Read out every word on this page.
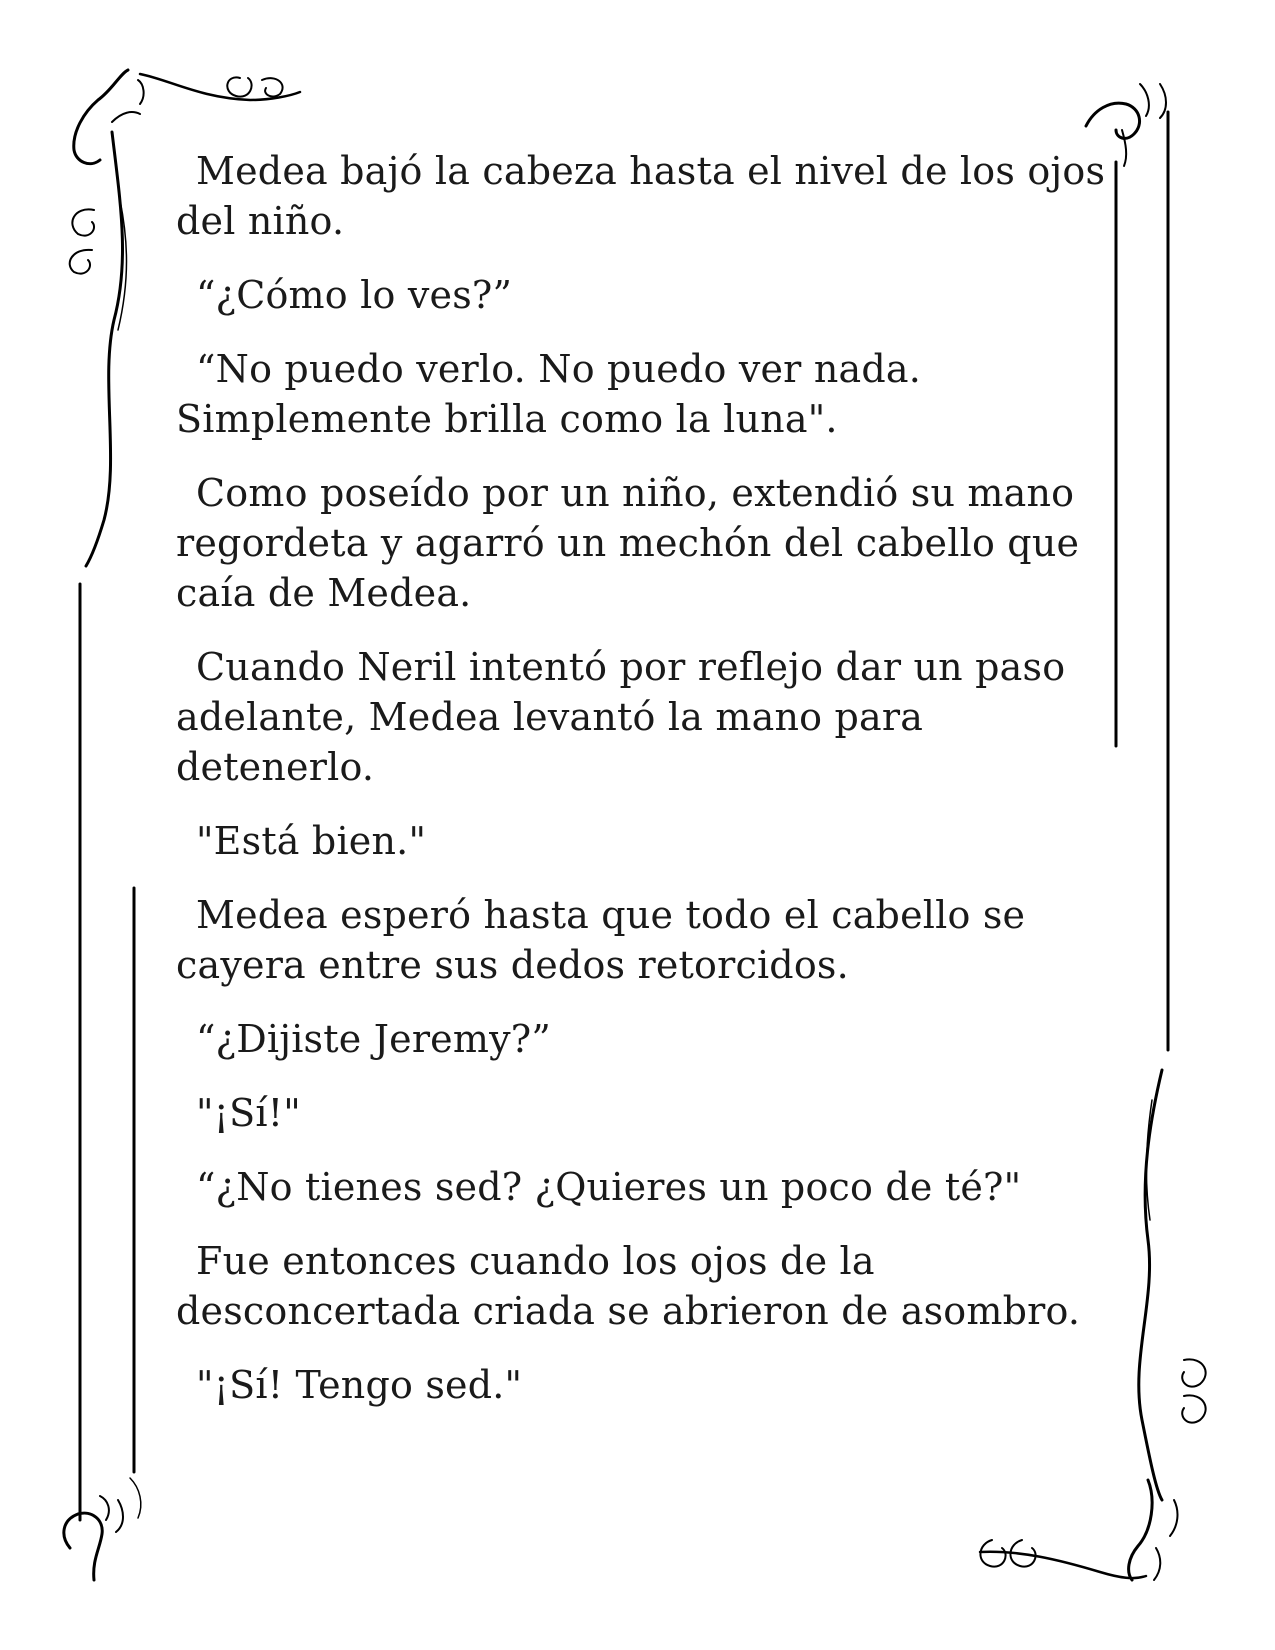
Medea bajó la cabeza hasta el nivel de los ojos
del niño.

“¿Cómo lo ves?”

“No puedo verlo. No puedo ver nada.
Simplemente brilla como la luna".

Como poseído por un niño, extendió su mano
regordeta y agarró un mechón del cabello que
caía de Medea.

Cuando Neril intentó por reflejo dar un paso
adelante, Medea levantó la mano para
detenerlo.

"Está bien."

Medea esperó hasta que todo el cabello se
cayera entre sus dedos retorcidos.

“¿Dijiste Jeremy?”

"¡Sí!"

“¿No tienes sed? ¿Quieres un poco de té?"

Fue entonces cuando los ojos de la
desconcertada criada se abrieron de asombro.

"¡Sí! Tengo sed."
